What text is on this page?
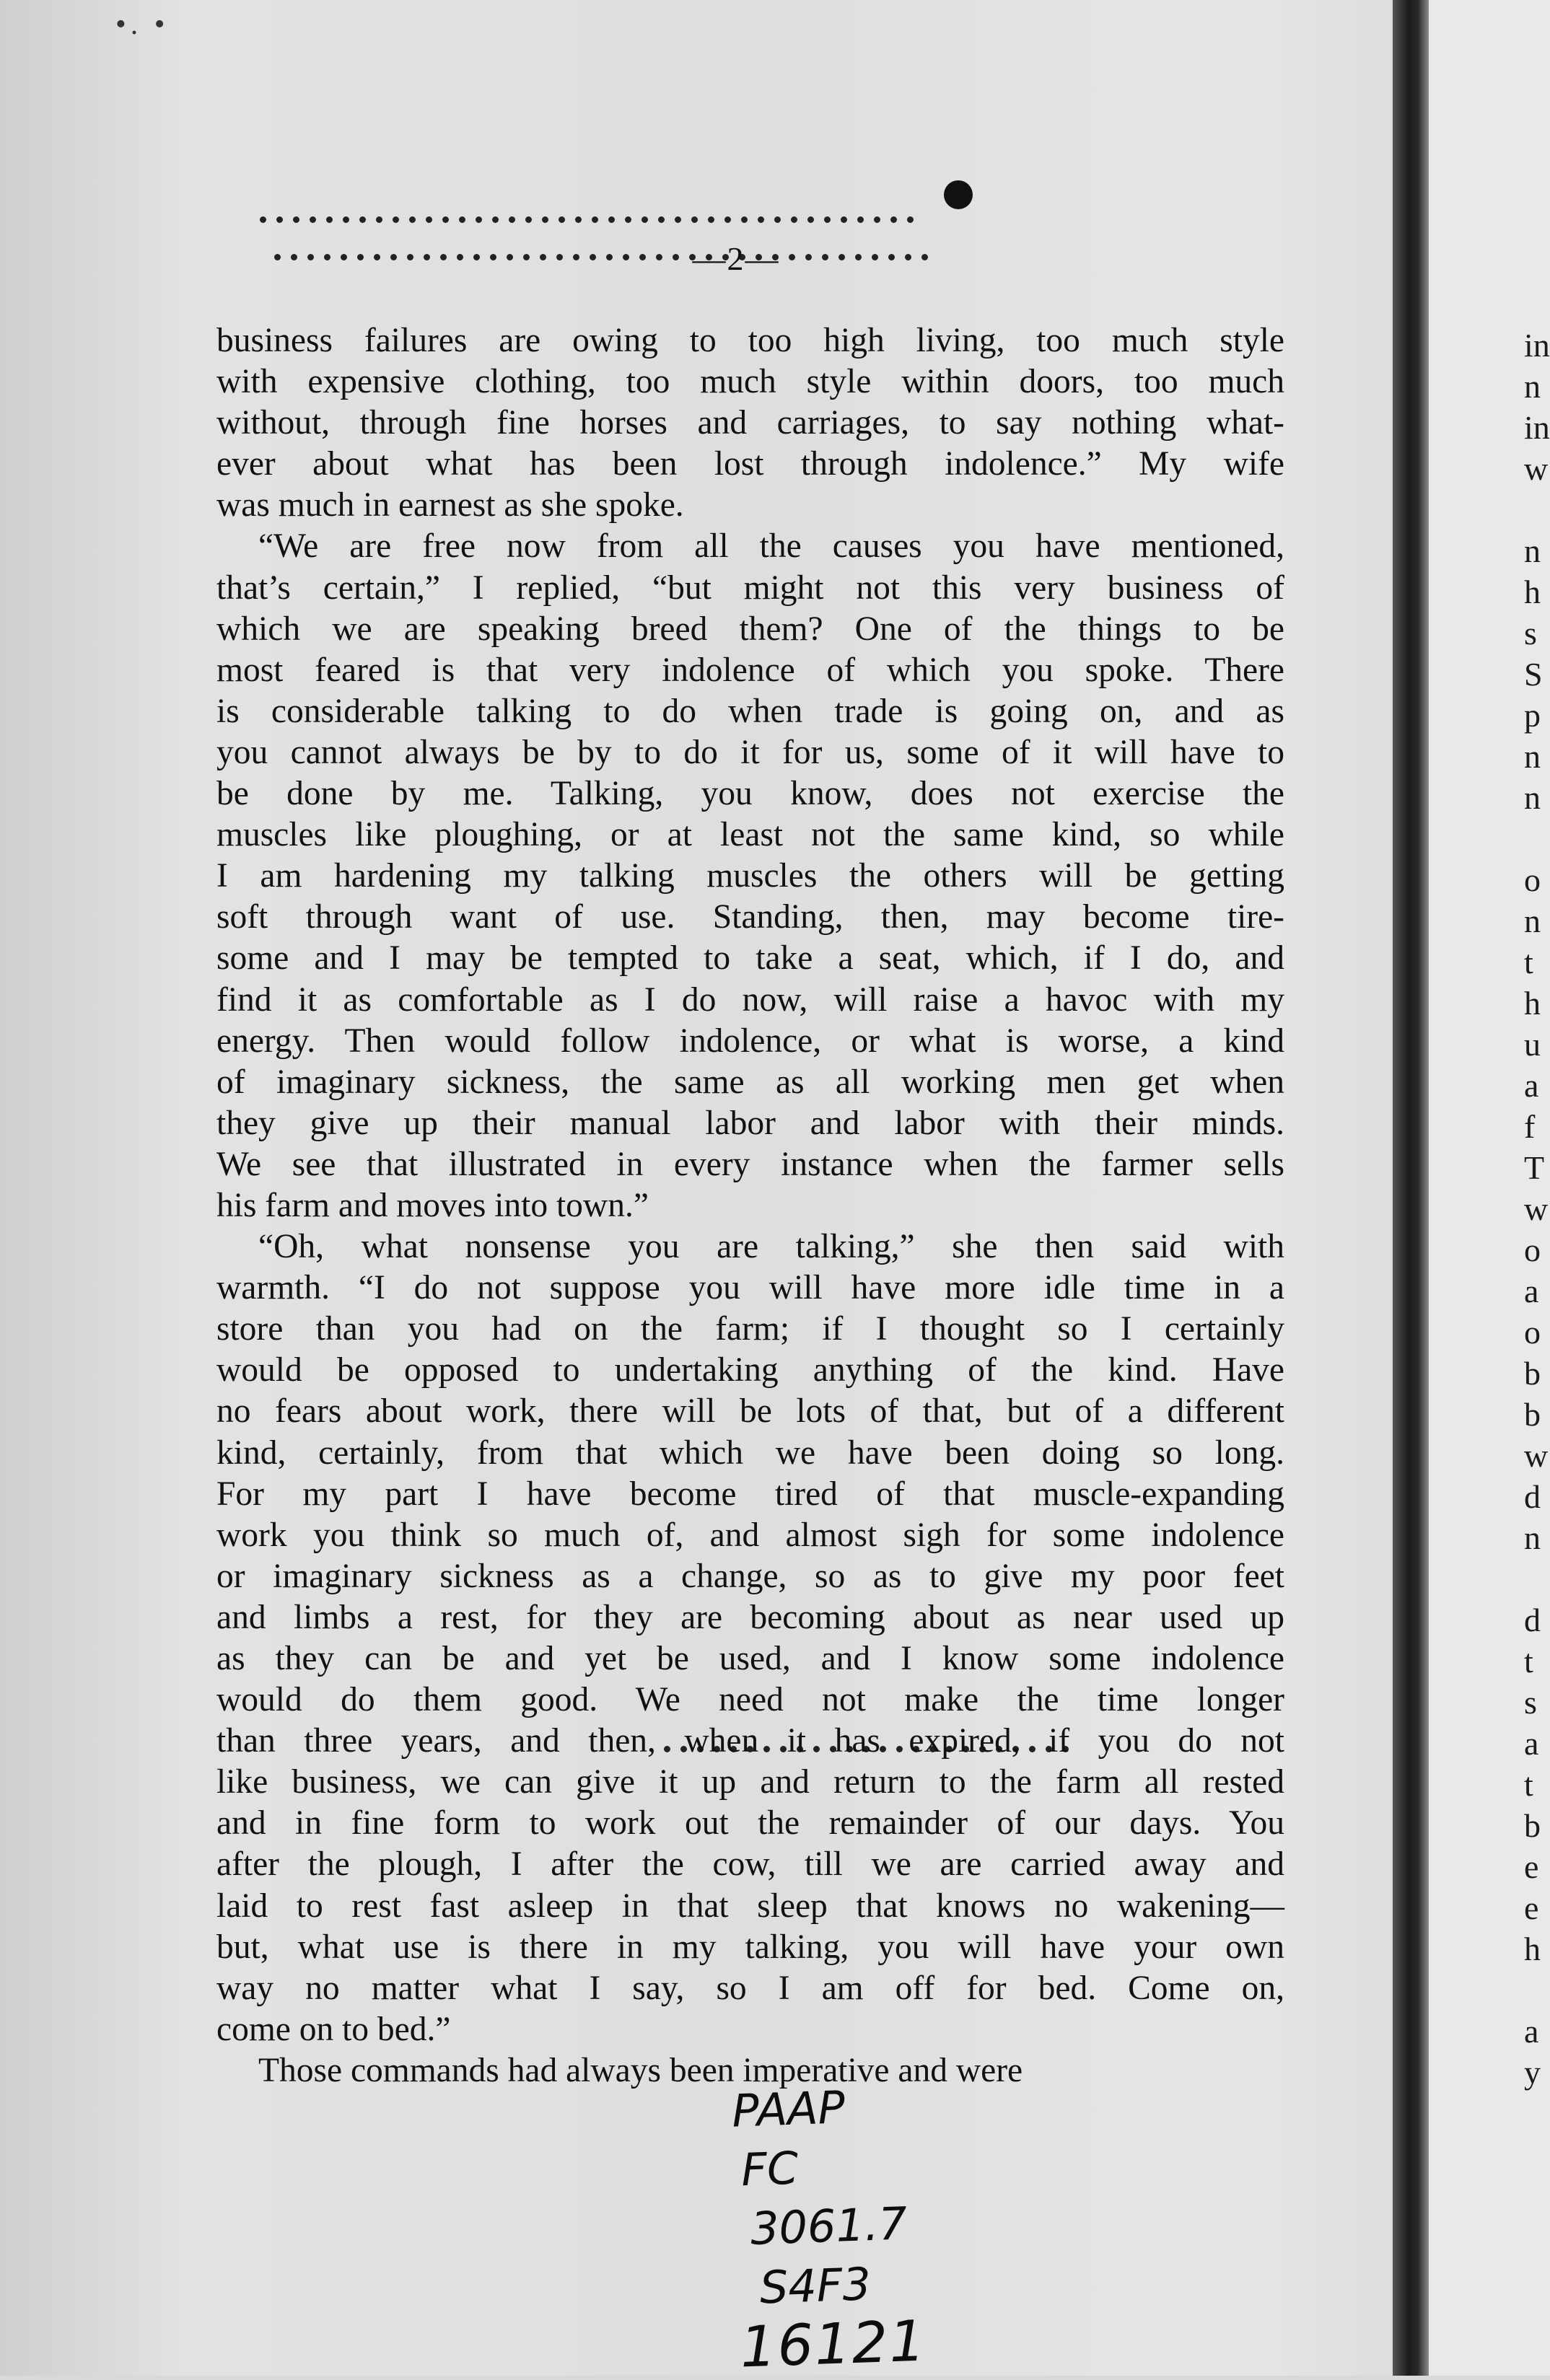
•. •
—2—
business failures are owing to too high living, too much style
with expensive clothing, too much style within doors, too much
without, through fine horses and carriages, to say nothing what-
ever about what has been lost through indolence.” My wife
was much in earnest as she spoke.
“We are free now from all the causes you have mentioned,
that’s certain,” I replied, “but might not this very business of
which we are speaking breed them? One of the things to be
most feared is that very indolence of which you spoke. There
is considerable talking to do when trade is going on, and as
you cannot always be by to do it for us, some of it will have to
be done by me. Talking, you know, does not exercise the
muscles like ploughing, or at least not the same kind, so while
I am hardening my talking muscles the others will be getting
soft through want of use. Standing, then, may become tire-
some and I may be tempted to take a seat, which, if I do, and
find it as comfortable as I do now, will raise a havoc with my
energy. Then would follow indolence, or what is worse, a kind
of imaginary sickness, the same as all working men get when
they give up their manual labor and labor with their minds.
We see that illustrated in every instance when the farmer sells
his farm and moves into town.”
“Oh, what nonsense you are talking,” she then said with
warmth. “I do not suppose you will have more idle time in a
store than you had on the farm; if I thought so I certainly
would be opposed to undertaking anything of the kind. Have
no fears about work, there will be lots of that, but of a different
kind, certainly, from that which we have been doing so long.
For my part I have become tired of that muscle-expanding
work you think so much of, and almost sigh for some indolence
or imaginary sickness as a change, so as to give my poor feet
and limbs a rest, for they are becoming about as near used up
as they can be and yet be used, and I know some indolence
would do them good. We need not make the time longer
than three years, and then, when it has expired, if you do not
like business, we can give it up and return to the farm all rested
and in fine form to work out the remainder of our days. You
after the plough, I after the cow, till we are carried away and
laid to rest fast asleep in that sleep that knows no wakening—
but, what use is there in my talking, you will have your own
way no matter what I say, so I am off for bed. Come on,
come on to bed.”
Those commands had always been imperative and were
in
n
in
w
n
h
s
S
p
n
n
o
n
t
h
u
a
f
T
w
o
a
o
b
b
w
d
n
d
t
s
a
t
b
e
e
h
a
y
PAAP
FC
3061.7
S4F3
16121
